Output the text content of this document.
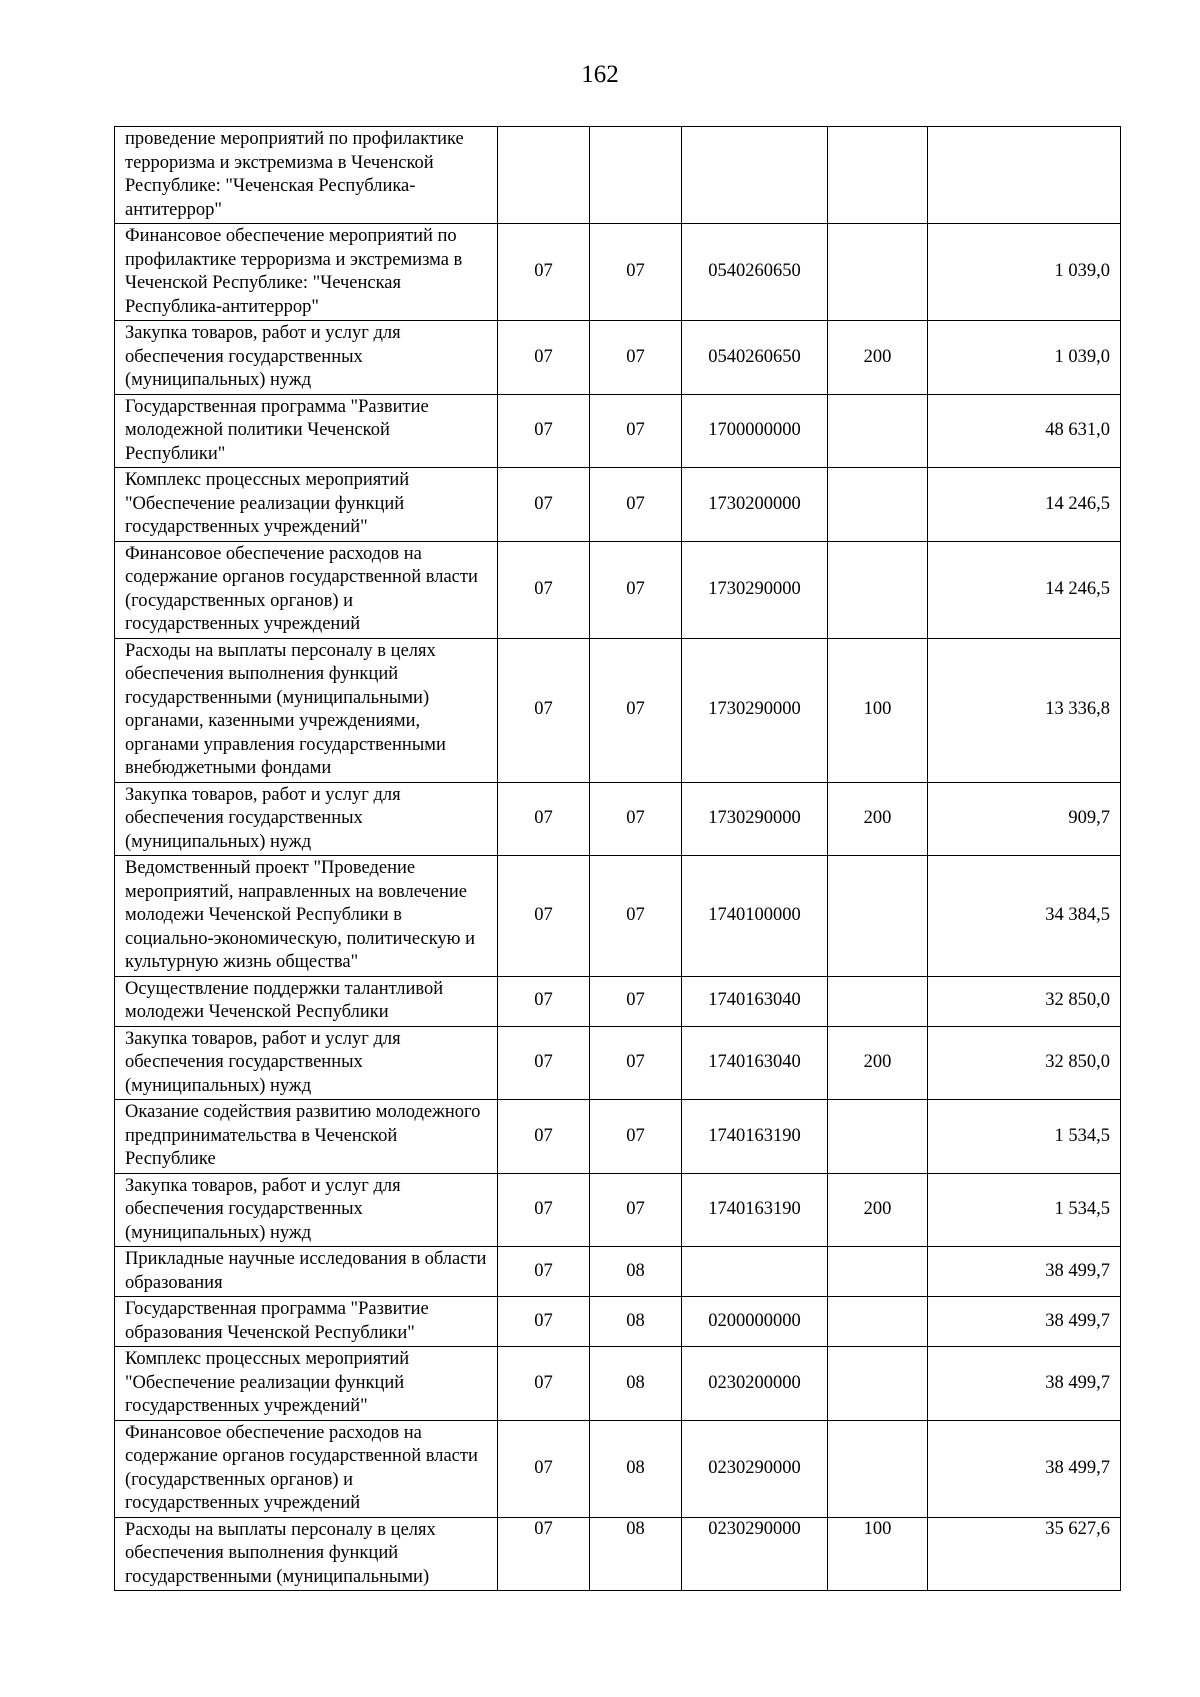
162
проведение мероприятий по профилактике терроризма и экстремизма в Чеченской Республике: "Чеченская Республика-антитеррор"					
Финансовое обеспечение мероприятий по профилактике терроризма и экстремизма в Чеченской Республике: "Чеченская Республика-антитеррор"	07	07	0540260650		1 039,0
Закупка товаров, работ и услуг для обеспечения государственных (муниципальных) нужд	07	07	0540260650	200	1 039,0
Государственная программа "Развитие молодежной политики Чеченской Республики"	07	07	1700000000		48 631,0
Комплекс процессных мероприятий "Обеспечение реализации функций государственных учреждений"	07	07	1730200000		14 246,5
Финансовое обеспечение расходов на содержание органов государственной власти (государственных органов) и государственных учреждений	07	07	1730290000		14 246,5
Расходы на выплаты персоналу в целях обеспечения выполнения функций государственными (муниципальными) органами, казенными учреждениями, органами управления государственными внебюджетными фондами	07	07	1730290000	100	13 336,8
Закупка товаров, работ и услуг для обеспечения государственных (муниципальных) нужд	07	07	1730290000	200	909,7
Ведомственный проект "Проведение мероприятий, направленных на вовлечение молодежи Чеченской Республики в социально-экономическую, политическую и культурную жизнь общества"	07	07	1740100000		34 384,5
Осуществление поддержки талантливой молодежи Чеченской Республики	07	07	1740163040		32 850,0
Закупка товаров, работ и услуг для обеспечения государственных (муниципальных) нужд	07	07	1740163040	200	32 850,0
Оказание содействия развитию молодежного предпринимательства в Чеченской Республике	07	07	1740163190		1 534,5
Закупка товаров, работ и услуг для обеспечения государственных (муниципальных) нужд	07	07	1740163190	200	1 534,5
Прикладные научные исследования в области образования	07	08			38 499,7
Государственная программа "Развитие образования Чеченской Республики"	07	08	0200000000		38 499,7
Комплекс процессных мероприятий "Обеспечение реализации функций государственных учреждений"	07	08	0230200000		38 499,7
Финансовое обеспечение расходов на содержание органов государственной власти (государственных органов) и государственных учреждений	07	08	0230290000		38 499,7
Расходы на выплаты персоналу в целях обеспечения выполнения функций государственными (муниципальными)	07	08	0230290000	100	35 627,6
